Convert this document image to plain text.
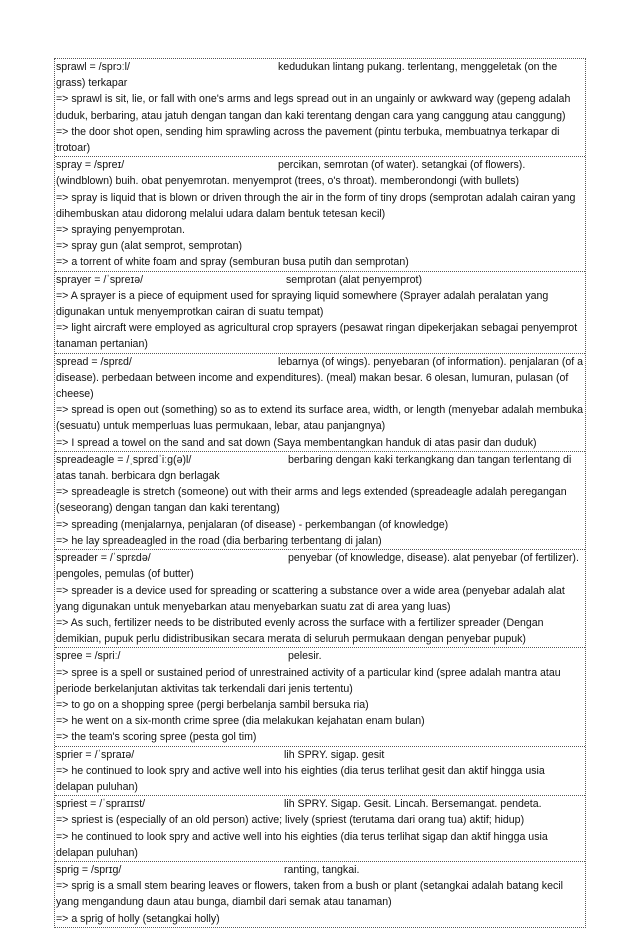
sprawl = /sprɔːl/	kedudukan lintang pukang. terlentang, menggeletak (on the grass) terkapar
=> sprawl is sit, lie, or fall with one's arms and legs spread out in an ungainly or awkward way (gepeng adalah duduk, berbaring, atau jatuh dengan tangan dan kaki terentang dengan cara yang canggung atau canggung)
=> the door shot open, sending him sprawling across the pavement (pintu terbuka, membuatnya terkapar di trotoar)
spray = /spreɪ/	percikan, semrotan (of water). setangkai (of flowers). (windblown) buih. obat penyemrotan. menyemprot (trees, o's throat). memberondongi (with bullets)
=> spray is liquid that is blown or driven through the air in the form of tiny drops (semprotan adalah cairan yang dihembuskan atau didorong melalui udara dalam bentuk tetesan kecil)
=> spraying penyemprotan.
=> spray gun (alat semprot, semprotan)
=> a torrent of white foam and spray (semburan busa putih dan semprotan)
sprayer = /ˈspreɪə/	semprotan (alat penyemprot)
=> A sprayer is a piece of equipment used for spraying liquid somewhere (Sprayer adalah peralatan yang digunakan untuk menyemprotkan cairan di suatu tempat)
=> light aircraft were employed as agricultural crop sprayers (pesawat ringan dipekerjakan sebagai penyemprot tanaman pertanian)
spread = /sprɛd/	lebarnya (of wings). penyebaran (of information). penjalaran (of a disease). perbedaan between income and expenditures). (meal) makan besar. 6 olesan, lumuran, pulasan (of cheese)
=> spread is open out (something) so as to extend its surface area, width, or length (menyebar adalah membuka (sesuatu) untuk memperluas luas permukaan, lebar, atau panjangnya)
=> I spread a towel on the sand and sat down (Saya membentangkan handuk di atas pasir dan duduk)
spreadeagle = /ˌsprɛdˈiːɡ(ə)l/	berbaring dengan kaki terkangkang dan tangan terlentang di atas tanah. berbicara dgn berlagak
=> spreadeagle is stretch (someone) out with their arms and legs extended (spreadeagle adalah peregangan (seseorang) dengan tangan dan kaki terentang)
=> spreading (menjalarnya, penjalaran (of disease) - perkembangan (of knowledge)
=> he lay spreadeagled in the road (dia berbaring terbentang di jalan)
spreader = /ˈsprɛdə/	penyebar (of knowledge, disease). alat penyebar (of fertilizer). pengoles, pemulas (of butter)
=> spreader is a device used for spreading or scattering a substance over a wide area (penyebar adalah alat yang digunakan untuk menyebarkan atau menyebarkan suatu zat di area yang luas)
=> As such, fertilizer needs to be distributed evenly across the surface with a fertilizer spreader (Dengan demikian, pupuk perlu didistribusikan secara merata di seluruh permukaan dengan penyebar pupuk)
spree = /spriː/	pelesir.
=> spree is a spell or sustained period of unrestrained activity of a particular kind (spree adalah mantra atau periode berkelanjutan aktivitas tak terkendali dari jenis tertentu)
=> to go on a shopping spree (pergi berbelanja sambil bersuka ria)
=> he went on a six-month crime spree (dia melakukan kejahatan enam bulan)
=> the team's scoring spree (pesta gol tim)
sprier = /ˈspraɪə/	lih SPRY. sigap. gesit
=> he continued to look spry and active well into his eighties (dia terus terlihat gesit dan aktif hingga usia delapan puluhan)
spriest = /ˈspraɪɪst/	lih SPRY. Sigap. Gesit. Lincah. Bersemangat. pendeta.
=> spriest is (especially of an old person) active; lively (spriest (terutama dari orang tua) aktif; hidup)
=> he continued to look spry and active well into his eighties (dia terus terlihat sigap dan aktif hingga usia delapan puluhan)
sprig = /sprɪɡ/	ranting, tangkai.
=> sprig is a small stem bearing leaves or flowers, taken from a bush or plant (setangkai adalah batang kecil yang mengandung daun atau bunga, diambil dari semak atau tanaman)
=> a sprig of holly (setangkai holly)
